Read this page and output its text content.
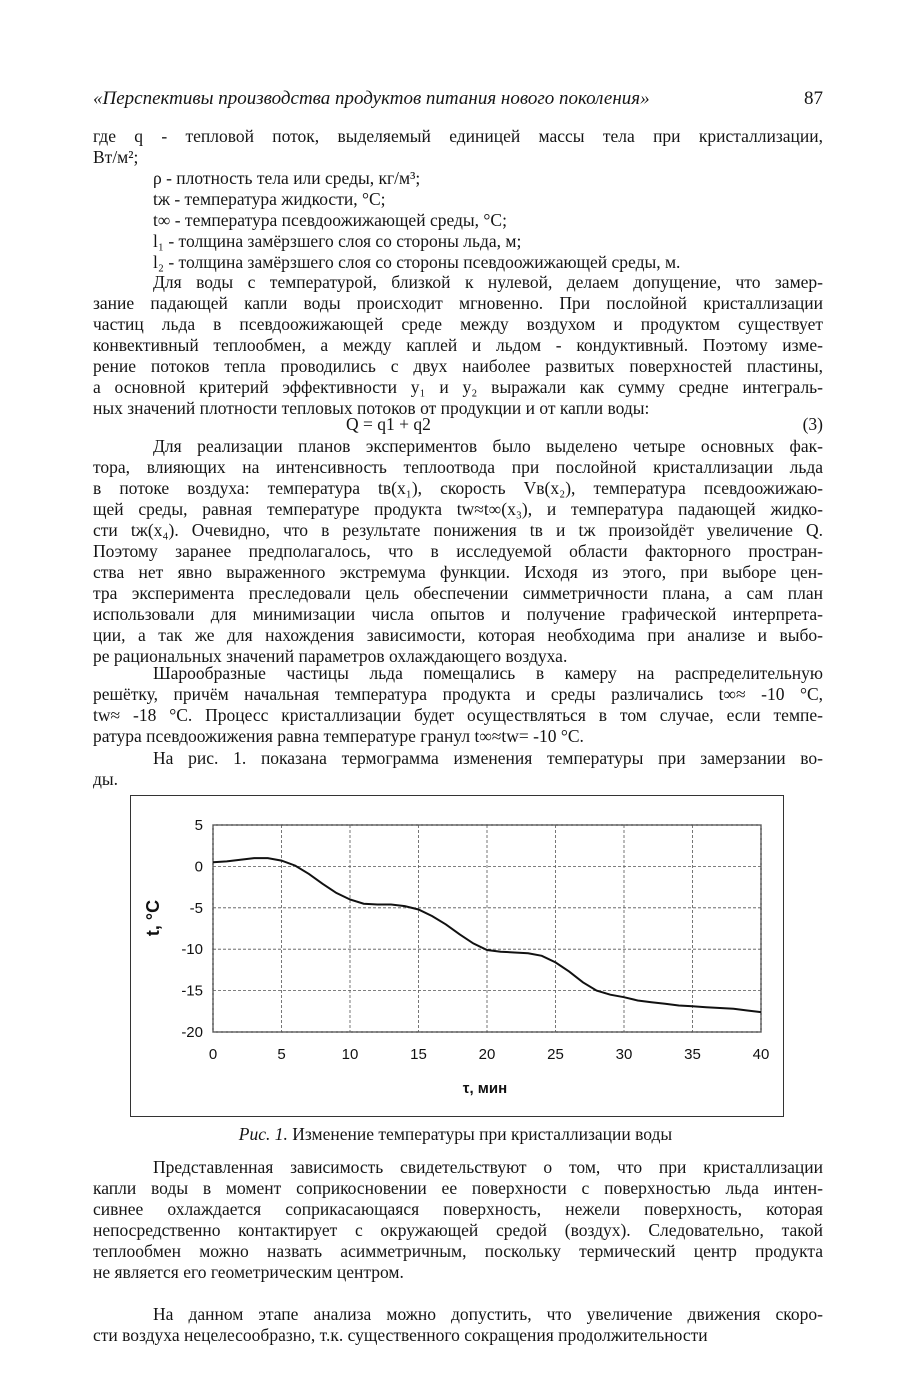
«Перспективы производства продуктов питания нового поколения»	87
где q - тепловой поток, выделяемый единицей массы тела при кристаллизации,
Вт/м²;
ρ - плотность тела или среды, кг/м³;
tж - температура жидкости, °С;
t∞ - температура псевдоожижающей среды, °С;
l₁ - толщина замёрзшего слоя со стороны льда, м;
l₂ - толщина замёрзшего слоя со стороны псевдоожижающей среды, м.
Для воды с температурой, близкой к нулевой, делаем допущение, что замер-
зание падающей капли воды происходит мгновенно. При послойной кристаллизации
частиц льда в псевдоожижающей среде между воздухом и продуктом существует
конвективный теплообмен, а между каплей и льдом - кондуктивный. Поэтому изме-
рение потоков тепла проводились с двух наиболее развитых поверхностей пластины,
а основной критерий эффективности y₁ и y₂ выражали как сумму средне интеграль-
ных значений плотности тепловых потоков от продукции и от капли воды:
Q = q1 + q2	(3)
Для реализации планов экспериментов было выделено четыре основных фак-
тора, влияющих на интенсивность теплоотвода при послойной кристаллизации льда
в потоке воздуха: температура tв(x₁), скорость Vв(x₂), температура псевдоожижаю-
щей среды, равная температуре продукта tw≈t∞(x₃), и температура падающей жидко-
сти tж(x₄). Очевидно, что в результате понижения tв и tж произойдёт увеличение Q.
Поэтому заранее предполагалось, что в исследуемой области факторного простран-
ства нет явно выраженного экстремума функции. Исходя из этого, при выборе цен-
тра эксперимента преследовали цель обеспечении симметричности плана, а сам план
использовали для минимизации числа опытов и получение графической интерпрета-
ции, а так же для нахождения зависимости, которая необходима при анализе и выбо-
ре рациональных значений параметров охлаждающего воздуха.
Шарообразные частицы льда помещались в камеру на распределительную
решётку, причём начальная температура продукта и среды различались t∞≈ -10 °С,
tw≈ -18 °С. Процесс кристаллизации будет осуществляться в том случае, если темпе-
ратура псевдоожижения равна температуре гранул t∞≈tw= -10 °С.
На рис. 1. показана термограмма изменения температуры при замерзании во-
ды.
5
0
-5
-10
-15
-20
0	5	10	15	20	25	30	35	40
t, °С
τ, мин
Рис. 1. Изменение температуры при кристаллизации воды
Представленная зависимость свидетельствуют о том, что при кристаллизации
капли воды в момент соприкосновении ее поверхности с поверхностью льда интен-
сивнее охлаждается соприкасающаяся поверхность, нежели поверхность, которая
непосредственно контактирует с окружающей средой (воздух). Следовательно, такой
теплообмен можно назвать асимметричным, поскольку термический центр продукта
не является его геометрическим центром.
На данном этапе анализа можно допустить, что увеличение движения скоро-
сти воздуха нецелесообразно, т.к. существенного сокращения продолжительности
